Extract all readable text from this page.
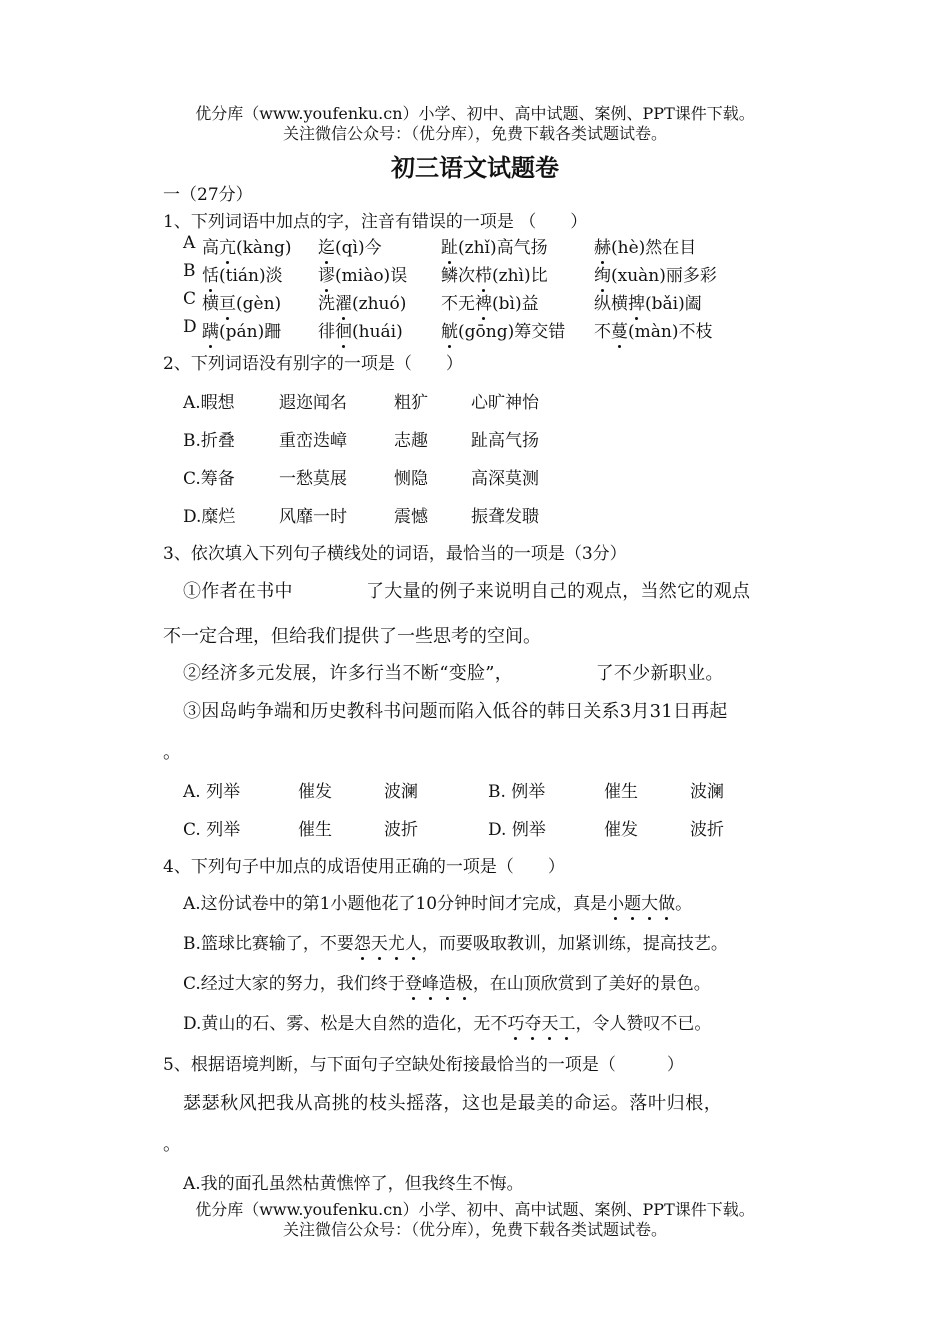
优分库（www.youfenku.cn）小学、初中、高中试题、案例、PPT课件下载。
关注微信公众号：（优分库），免费下载各类试题试卷。
初三语文试题卷
一（27分）
1、下列词语中加点的字，注音有错误的一项是 （　　）
A 高亢(kàng) 迄(qì)今	趾(zhǐ)高气扬	赫(hè)然在目
B 恬(tián)淡 谬(miào)误 鳞次栉(zhì)比	绚(xuàn)丽多彩
C 横亘(gèn) 洗濯(zhuó) 不无裨(bì)益	纵横捭(bǎi)阖
D 蹒(pán)跚 徘徊(huái) 觥(gōng)筹交错 不蔓(màn)不枝
2、下列词语没有别字的一项是（　　）
A.暇想	遐迩闻名	粗犷	心旷神怡
B.折叠	重峦迭嶂	志趣	趾高气扬
C.筹备	一愁莫展	恻隐	高深莫测
D.糜烂	风靡一时	震憾	振聋发聩
3、依次填入下列句子横线处的词语，最恰当的一项是（3分）
①作者在书中　　　　了大量的例子来说明自己的观点，当然它的观点
不一定合理，但给我们提供了一些思考的空间。
②经济多元发展，许多行当不断“变脸”，　　　　　了不少新职业。
③因岛屿争端和历史教科书问题而陷入低谷的韩日关系3月31日再起
。
A. 列举	催发	波澜	B. 例举	催生	波澜
C. 列举	催生	波折	D. 例举	催发	波折
4、下列句子中加点的成语使用正确的一项是（　　）
A.这份试卷中的第1小题他花了10分钟时间才完成，真是小题大做。
B.篮球比赛输了，不要怨天尤人，而要吸取教训，加紧训练，提高技艺。
C.经过大家的努力，我们终于登峰造极，在山顶欣赏到了美好的景色。
D.黄山的石、雾、松是大自然的造化，无不巧夺天工，令人赞叹不已。
5、根据语境判断，与下面句子空缺处衔接最恰当的一项是（　　　）
瑟瑟秋风把我从高挑的枝头摇落，这也是最美的命运。落叶归根，
。
A.我的面孔虽然枯黄憔悴了，但我终生不悔。
优分库（www.youfenku.cn）小学、初中、高中试题、案例、PPT课件下载。
关注微信公众号：（优分库），免费下载各类试题试卷。
